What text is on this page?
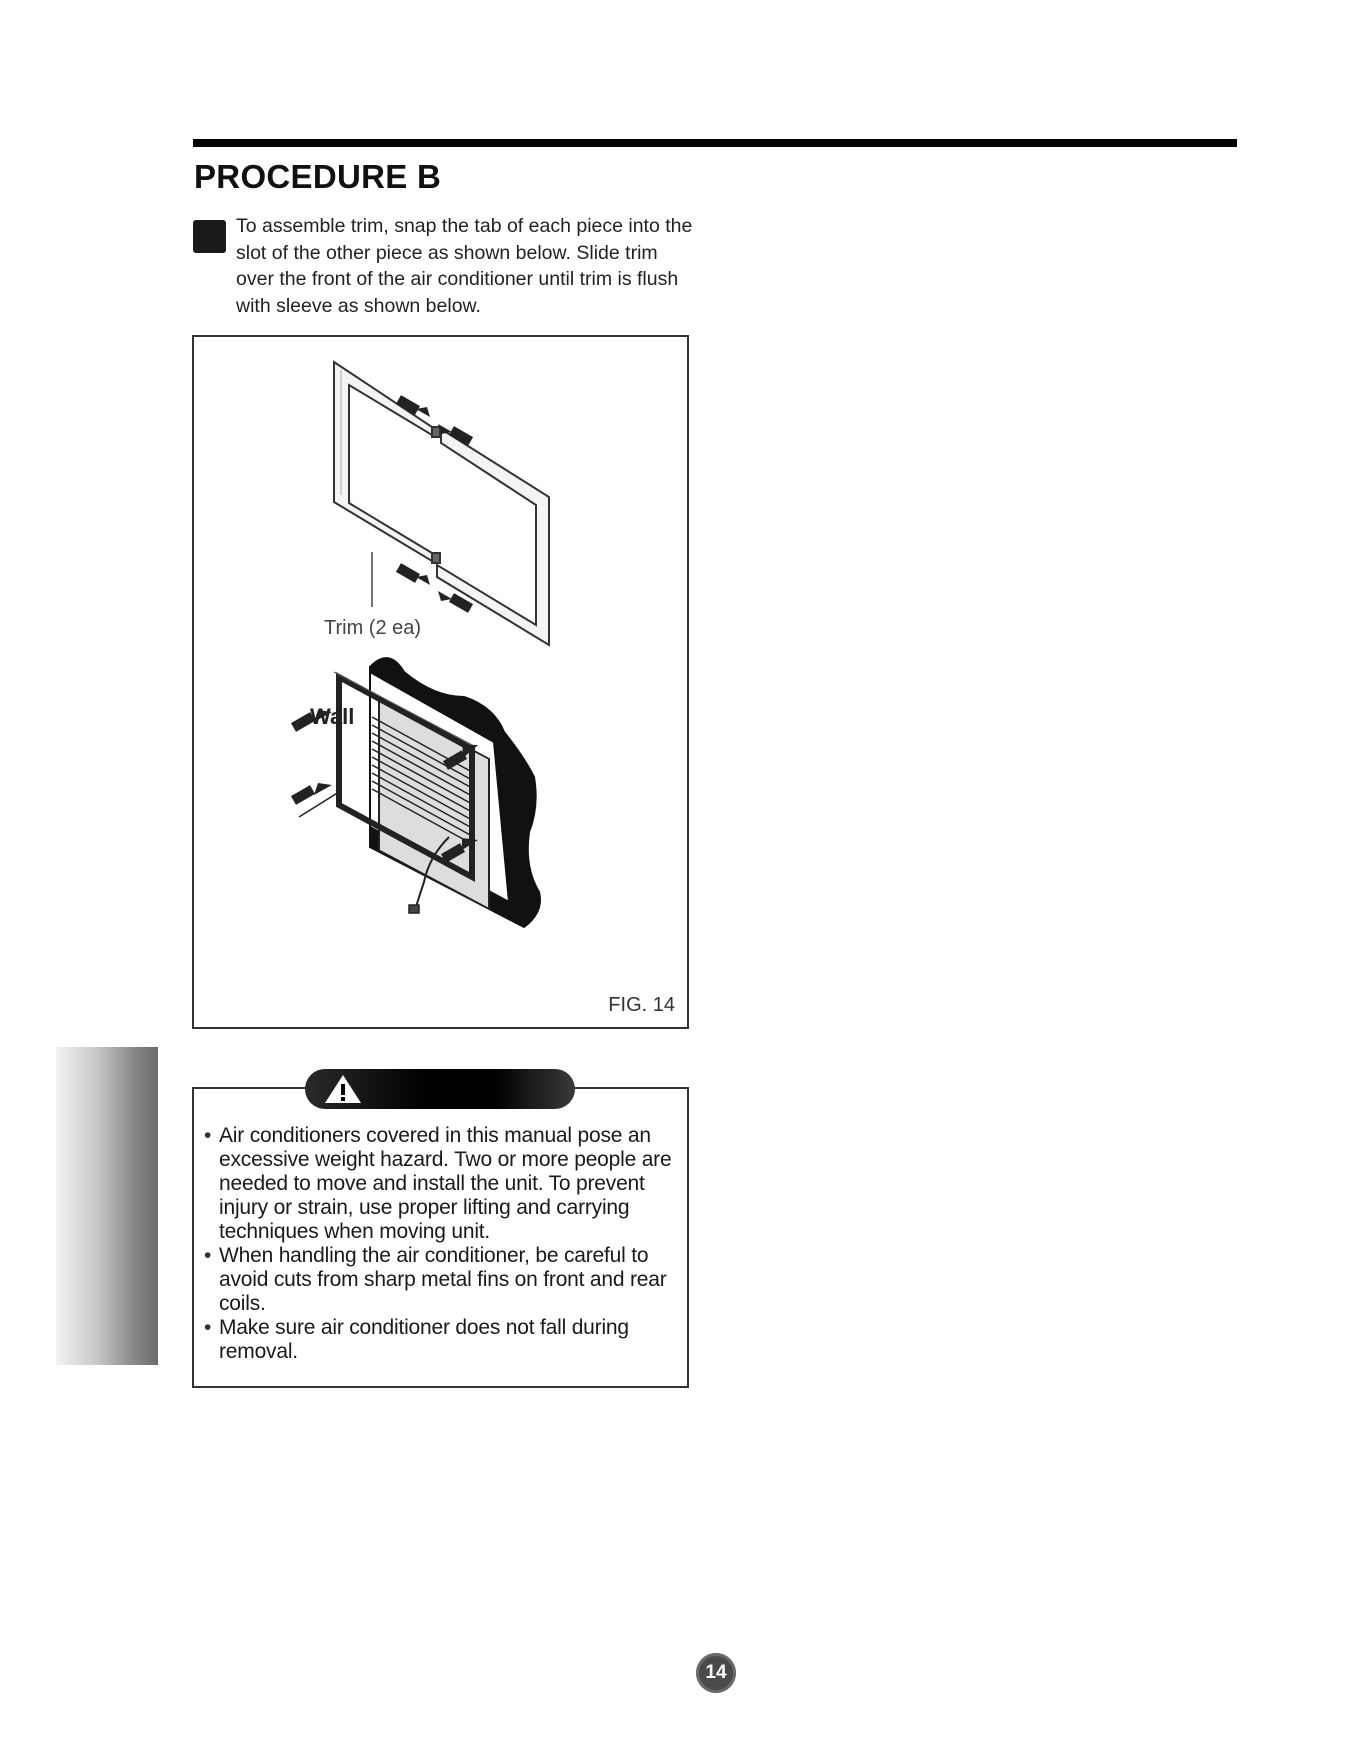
PROCEDURE B

To assemble trim, snap the tab of each piece into the slot of the other piece as shown below. Slide trim over the front of the air conditioner until trim is flush with sleeve as shown below.

Trim (2 ea)
Wall
FIG. 14
• Air conditioners covered in this manual pose an excessive weight hazard. Two or more people are needed to move and install the unit. To prevent injury or strain, use proper lifting and carrying techniques when moving unit.
• When handling the air conditioner, be careful to avoid cuts from sharp metal fins on front and rear coils.
• Make sure air conditioner does not fall during removal.
14
